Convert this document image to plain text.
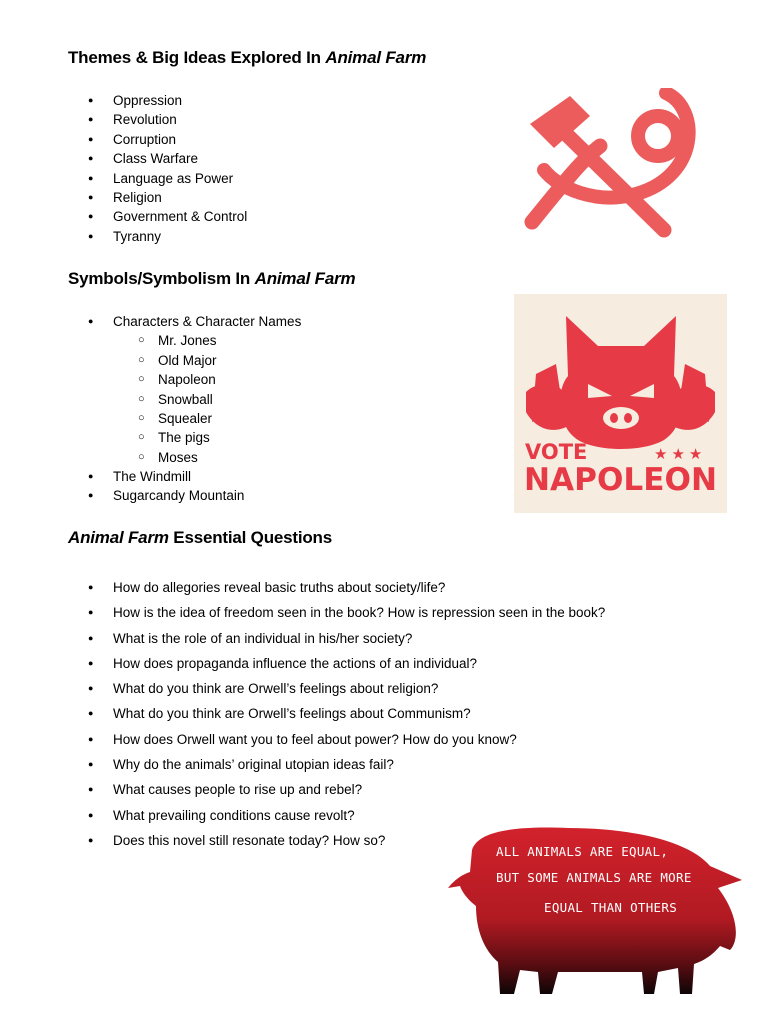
Themes & Big Ideas Explored In Animal Farm
● Oppression
● Revolution
● Corruption
● Class Warfare
● Language as Power
● Religion
● Government & Control
● Tyranny
Symbols/Symbolism In Animal Farm
● Characters & Character Names
○ Mr. Jones
○ Old Major
○ Napoleon
○ Snowball
○ Squealer
○ The pigs
○ Moses
● The Windmill
● Sugarcandy Mountain
Animal Farm Essential Questions
● How do allegories reveal basic truths about society/life?
● How is the idea of freedom seen in the book? How is repression seen in the book?
● What is the role of an individual in his/her society?
● How does propaganda influence the actions of an individual?
● What do you think are Orwell’s feelings about religion?
● What do you think are Orwell’s feelings about Communism?
● How does Orwell want you to feel about power? How do you know?
● Why do the animals’ original utopian ideas fail?
● What causes people to rise up and rebel?
● What prevailing conditions cause revolt?
● Does this novel still resonate today? How so?
VOTE	★★★
NAPOLEON
ALL ANIMALS ARE EQUAL,
BUT SOME ANIMALS ARE MORE
EQUAL THAN OTHERS
